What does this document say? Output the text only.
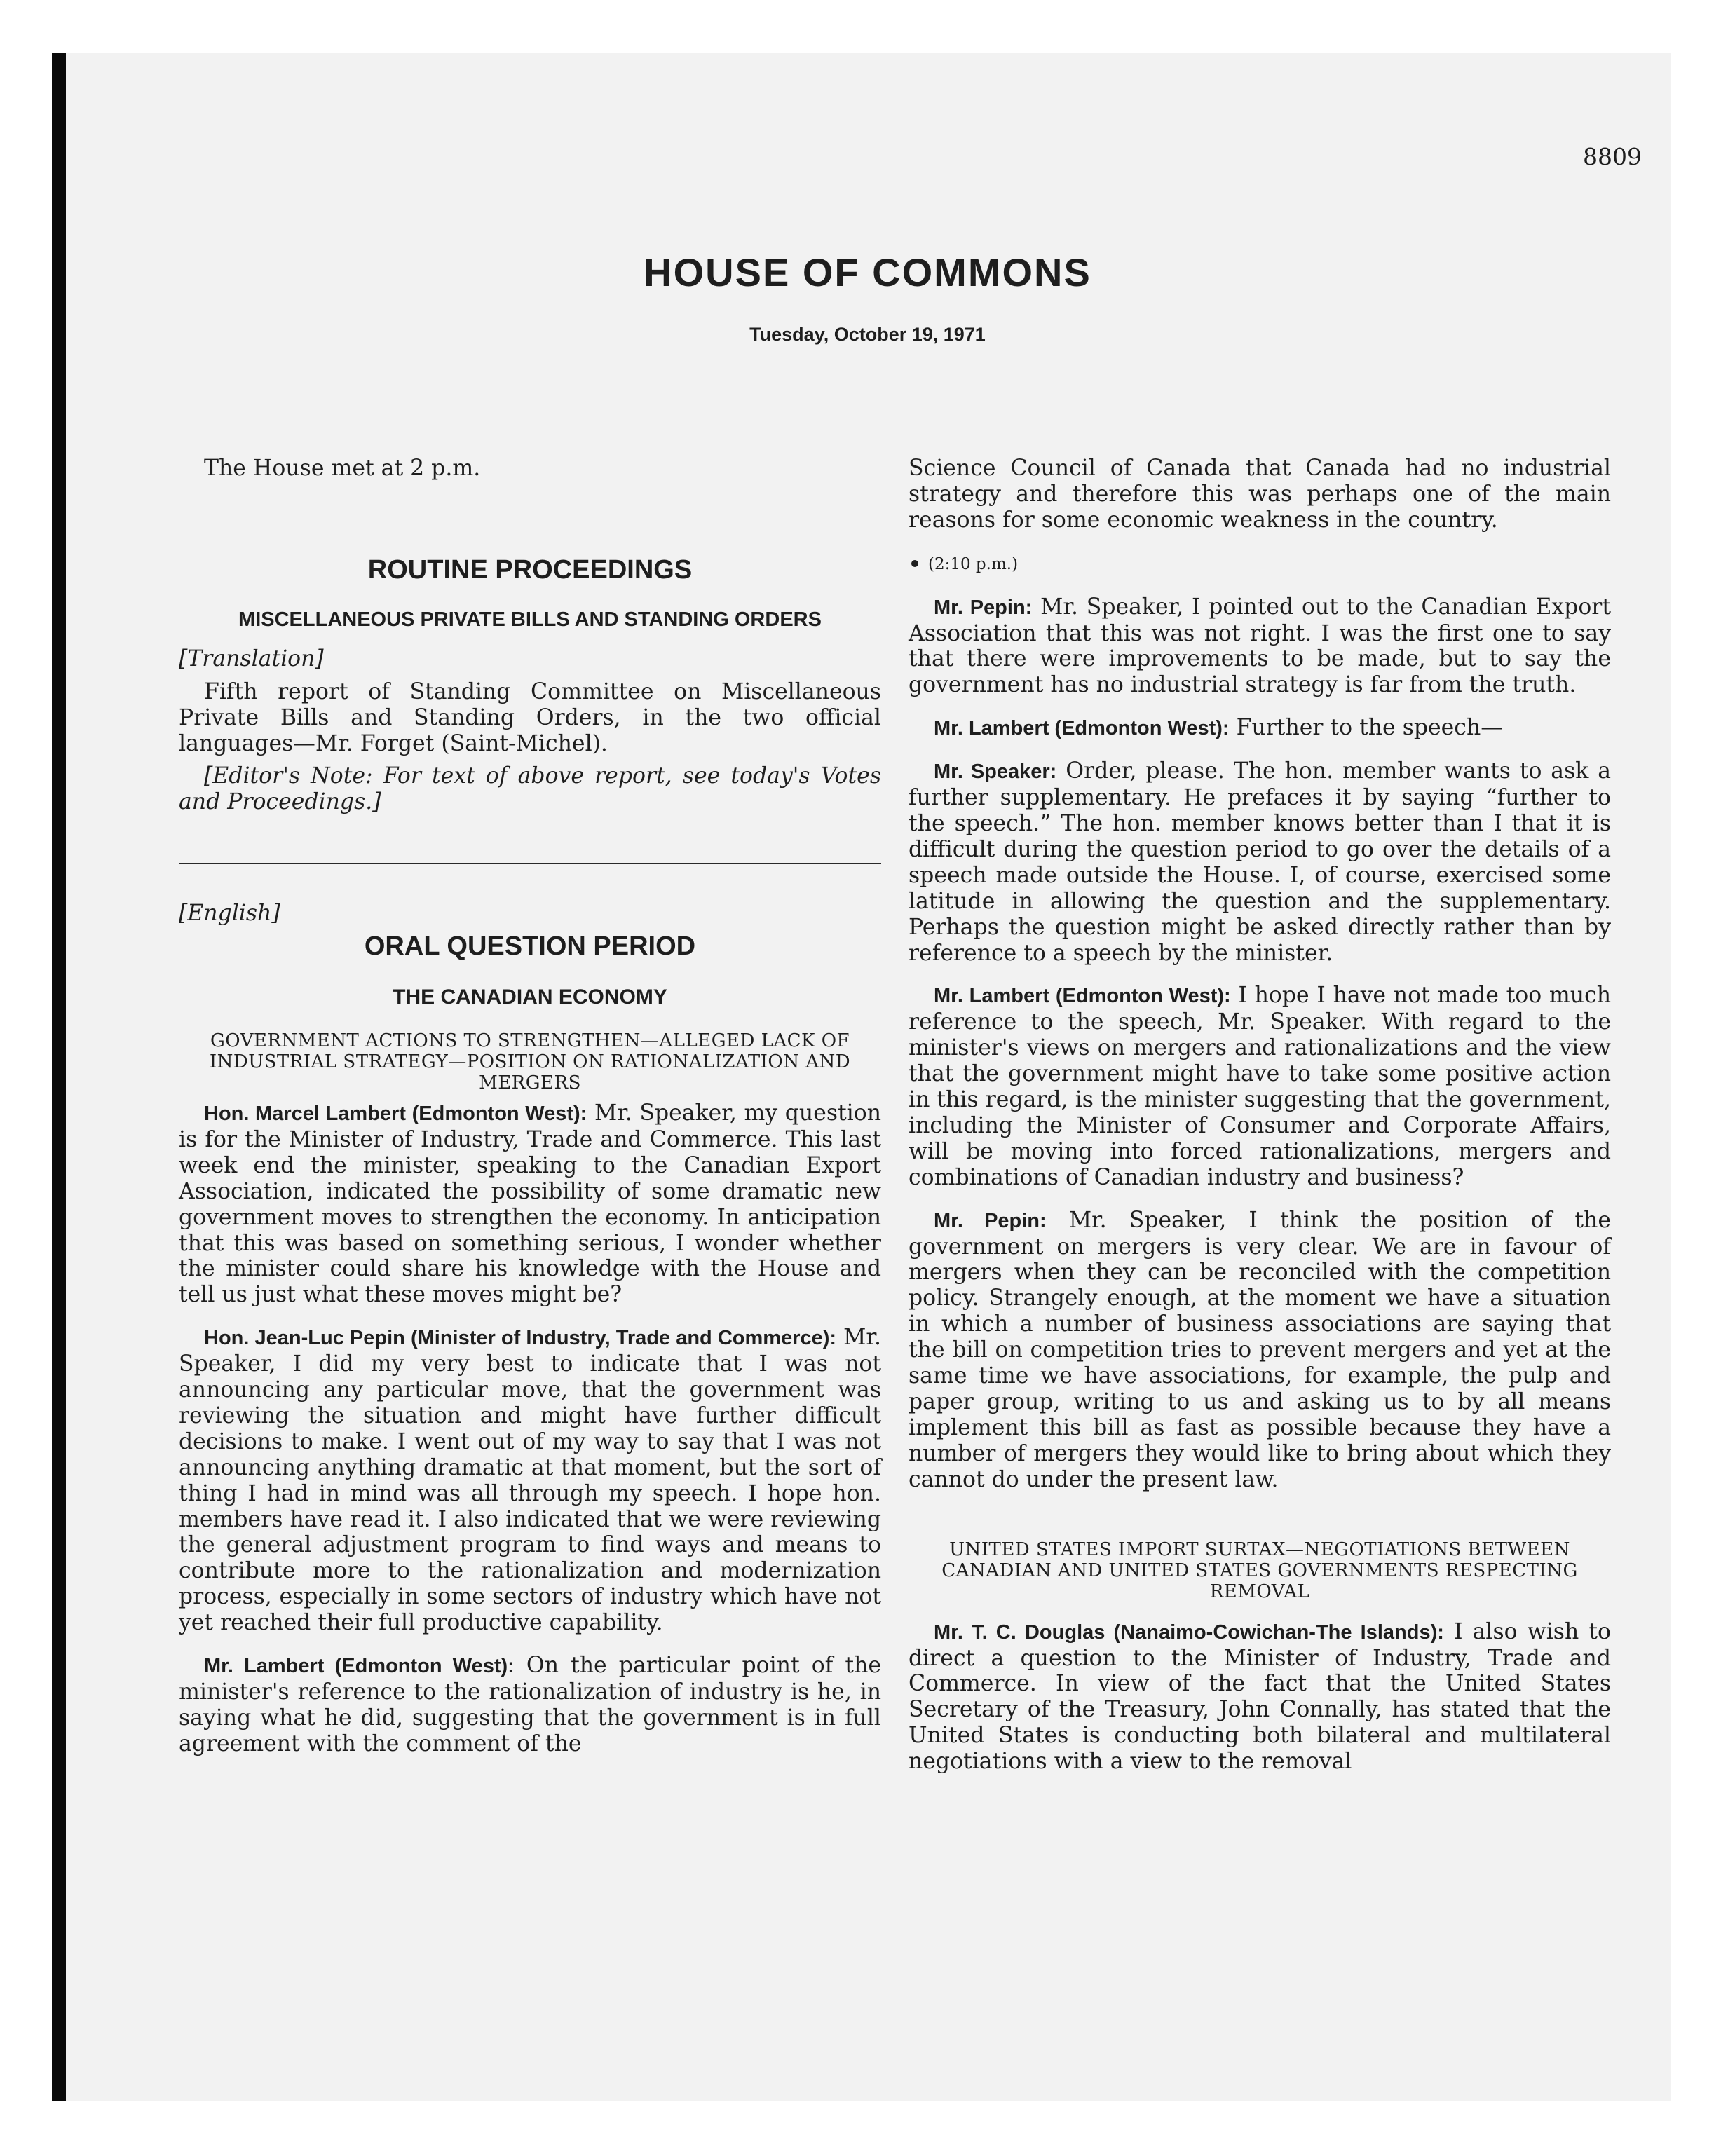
8809
HOUSE OF COMMONS
Tuesday, October 19, 1971

The House met at 2 p.m.

ROUTINE PROCEEDINGS
MISCELLANEOUS PRIVATE BILLS AND STANDING ORDERS

[Translation]

Fifth report of Standing Committee on Miscellaneous Private Bills and Standing Orders, in the two official languages—Mr. Forget (Saint-Michel).

[Editor's Note: For text of above report, see today's Votes and Proceedings.]

[English]

ORAL QUESTION PERIOD
THE CANADIAN ECONOMY
GOVERNMENT ACTIONS TO STRENGTHEN—ALLEGED LACK OF INDUSTRIAL STRATEGY—POSITION ON RATIONALIZATION AND MERGERS

Hon. Marcel Lambert (Edmonton West): Mr. Speaker, my question is for the Minister of Industry, Trade and Commerce. This last week end the minister, speaking to the Canadian Export Association, indicated the possibility of some dramatic new government moves to strengthen the economy. In anticipation that this was based on something serious, I wonder whether the minister could share his knowledge with the House and tell us just what these moves might be?

Hon. Jean-Luc Pepin (Minister of Industry, Trade and Commerce): Mr. Speaker, I did my very best to indicate that I was not announcing any particular move, that the government was reviewing the situation and might have further difficult decisions to make. I went out of my way to say that I was not announcing anything dramatic at that moment, but the sort of thing I had in mind was all through my speech. I hope hon. members have read it. I also indicated that we were reviewing the general adjustment program to find ways and means to contribute more to the rationalization and modernization process, especially in some sectors of industry which have not yet reached their full productive capability.

Mr. Lambert (Edmonton West): On the particular point of the minister's reference to the rationalization of industry is he, in saying what he did, suggesting that the government is in full agreement with the comment of the

Science Council of Canada that Canada had no industrial strategy and therefore this was perhaps one of the main reasons for some economic weakness in the country.

(2:10 p.m.)

Mr. Pepin: Mr. Speaker, I pointed out to the Canadian Export Association that this was not right. I was the first one to say that there were improvements to be made, but to say the government has no industrial strategy is far from the truth.

Mr. Lambert (Edmonton West): Further to the speech—

Mr. Speaker: Order, please. The hon. member wants to ask a further supplementary. He prefaces it by saying “further to the speech.” The hon. member knows better than I that it is difficult during the question period to go over the details of a speech made outside the House. I, of course, exercised some latitude in allowing the question and the supplementary. Perhaps the question might be asked directly rather than by reference to a speech by the minister.

Mr. Lambert (Edmonton West): I hope I have not made too much reference to the speech, Mr. Speaker. With regard to the minister's views on mergers and rationalizations and the view that the government might have to take some positive action in this regard, is the minister suggesting that the government, including the Minister of Consumer and Corporate Affairs, will be moving into forced rationalizations, mergers and combinations of Canadian industry and business?

Mr. Pepin: Mr. Speaker, I think the position of the government on mergers is very clear. We are in favour of mergers when they can be reconciled with the competition policy. Strangely enough, at the moment we have a situation in which a number of business associations are saying that the bill on competition tries to prevent mergers and yet at the same time we have associations, for example, the pulp and paper group, writing to us and asking us to by all means implement this bill as fast as possible because they have a number of mergers they would like to bring about which they cannot do under the present law.

UNITED STATES IMPORT SURTAX—NEGOTIATIONS BETWEEN CANADIAN AND UNITED STATES GOVERNMENTS RESPECTING REMOVAL

Mr. T. C. Douglas (Nanaimo-Cowichan-The Islands): I also wish to direct a question to the Minister of Industry, Trade and Commerce. In view of the fact that the United States Secretary of the Treasury, John Connally, has stated that the United States is conducting both bilateral and multilateral negotiations with a view to the removal
